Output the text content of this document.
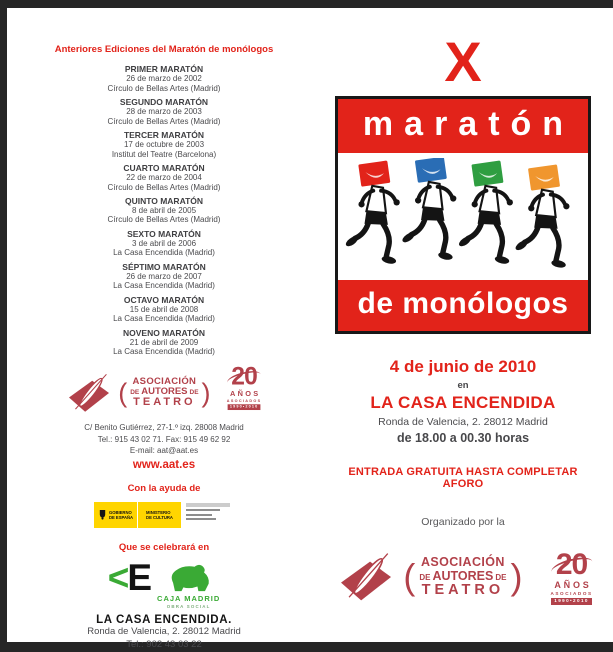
Anteriores Ediciones del Maratón de monólogos
PRIMER MARATÓN
26 de marzo de 2002
Círculo de Bellas Artes (Madrid)
SEGUNDO MARATÓN
28 de marzo de 2003
Círculo de Bellas Artes (Madrid)
TERCER MARATÓN
17 de octubre de 2003
Institut del Teatre (Barcelona)
CUARTO MARATÓN
22 de marzo de 2004
Círculo de Bellas Artes (Madrid)
QUINTO MARATÓN
8 de abril de 2005
Círculo de Bellas Artes (Madrid)
SEXTO MARATÓN
3 de abril de 2006
La Casa Encendida (Madrid)
SÉPTIMO MARATÓN
26 de marzo de 2007
La Casa Encendida (Madrid)
OCTAVO MARATÓN
15 de abril de 2008
La Casa Encendida (Madrid)
NOVENO MARATÓN
21 de abril de 2009
La Casa Encendida (Madrid)
( ASOCIACIÓN
DE AUTORES DE
TEATRO )
20
AÑOS
ASOCIADOS
1990•2010
C/ Benito Gutiérrez, 27-1.º izq. 28008 Madrid
Tel.: 915 43 02 71. Fax: 915 49 62 92
E-mail: aat@aat.es
www.aat.es
Con la ayuda de
GOBIERNO
DE ESPAÑA
MINISTERIO
DE CULTURA
Que se celebrará en
<E
CAJA MADRID
OBRA SOCIAL
LA CASA ENCENDIDA.
Ronda de Valencia, 2. 28012 Madrid
Tel.: 902 43 03 22
X
maratón
de monólogos
4 de junio de 2010
en
LA CASA ENCENDIDA
Ronda de Valencia, 2. 28012 Madrid
de 18.00 a 00.30 horas
ENTRADA GRATUITA HASTA COMPLETAR AFORO
Organizado por la
( ASOCIACIÓN
DE AUTORES DE
TEATRO ) 20
AÑOS
ASOCIADOS
1990•2010
